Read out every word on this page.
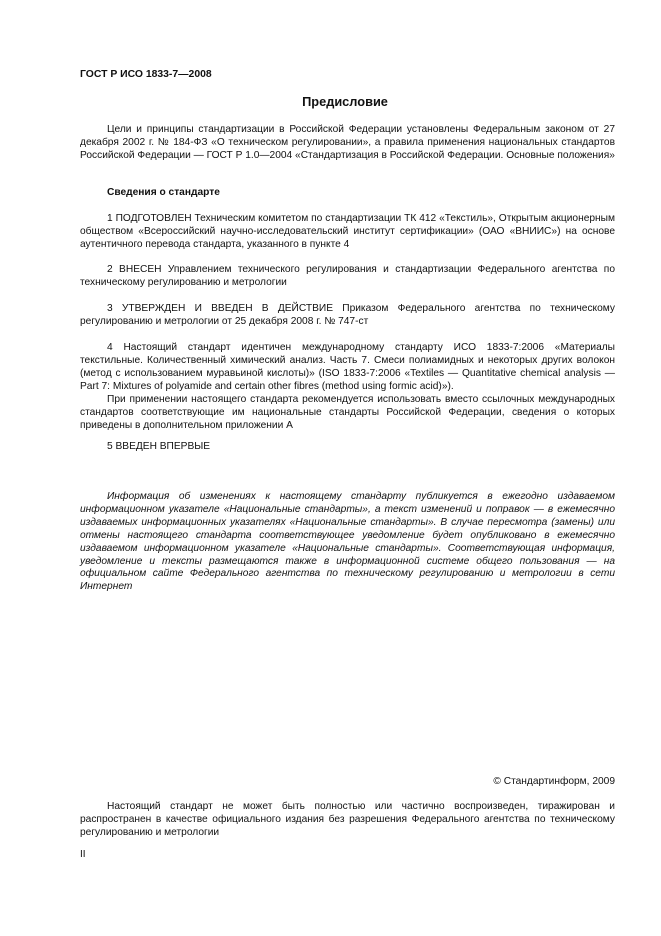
ГОСТ Р ИСО 1833-7—2008
Предисловие
Цели и принципы стандартизации в Российской Федерации установлены Федеральным законом от 27 декабря 2002 г. № 184-ФЗ «О техническом регулировании», а правила применения национальных стандартов Российской Федерации — ГОСТ Р 1.0—2004 «Стандартизация в Российской Федерации. Основные положения»
Сведения о стандарте
1 ПОДГОТОВЛЕН Техническим комитетом по стандартизации ТК 412 «Текстиль», Открытым акционерным обществом «Всероссийский научно-исследовательский институт сертификации» (ОАО «ВНИИС») на основе аутентичного перевода стандарта, указанного в пункте 4
2 ВНЕСЕН Управлением технического регулирования и стандартизации Федерального агентства по техническому регулированию и метрологии
3 УТВЕРЖДЕН И ВВЕДЕН В ДЕЙСТВИЕ Приказом Федерального агентства по техническому регулированию и метрологии от 25 декабря 2008 г. № 747-ст
4 Настоящий стандарт идентичен международному стандарту ИСО 1833-7:2006 «Материалы текстильные. Количественный химический анализ. Часть 7. Смеси полиамидных и некоторых других волокон (метод с использованием муравьиной кислоты)» (ISO 1833-7:2006 «Textiles — Quantitative chemical analysis — Part 7: Mixtures of polyamide and certain other fibres (method using formic acid)»).
При применении настоящего стандарта рекомендуется использовать вместо ссылочных международных стандартов соответствующие им национальные стандарты Российской Федерации, сведения о которых приведены в дополнительном приложении А
5 ВВЕДЕН ВПЕРВЫЕ
Информация об изменениях к настоящему стандарту публикуется в ежегодно издаваемом информационном указателе «Национальные стандарты», а текст изменений и поправок — в ежемесячно издаваемых информационных указателях «Национальные стандарты». В случае пересмотра (замены) или отмены настоящего стандарта соответствующее уведомление будет опубликовано в ежемесячно издаваемом информационном указателе «Национальные стандарты». Соответствующая информация, уведомление и тексты размещаются также в информационной системе общего пользования — на официальном сайте Федерального агентства по техническому регулированию и метрологии в сети Интернет
© Стандартинформ, 2009
Настоящий стандарт не может быть полностью или частично воспроизведен, тиражирован и распространен в качестве официального издания без разрешения Федерального агентства по техническому регулированию и метрологии
II
